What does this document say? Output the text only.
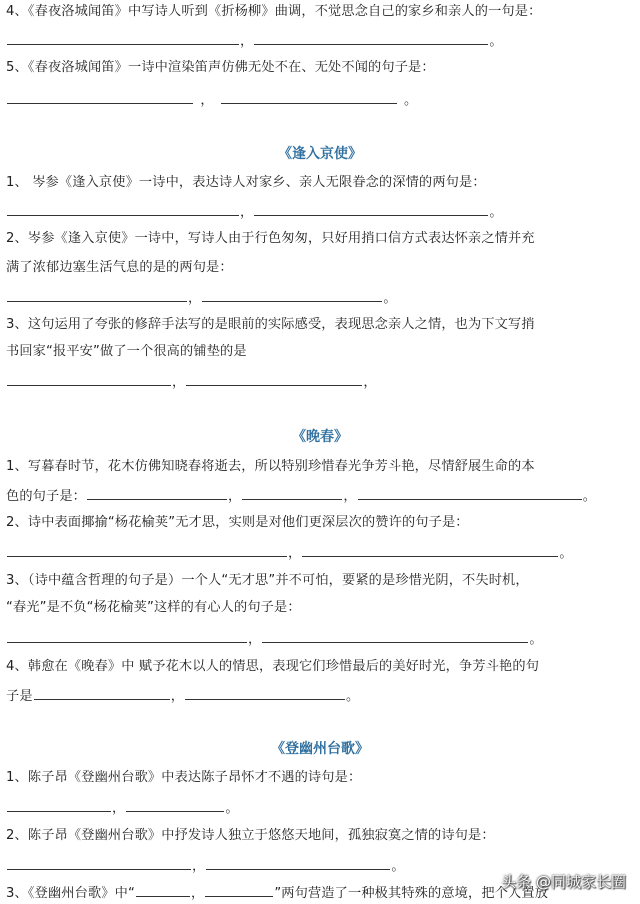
4、《春夜洛城闻笛》中写诗人听到《折杨柳》曲调，不觉思念自己的家乡和亲人的一句是：
，	。
5、《春夜洛城闻笛》一诗中渲染笛声仿佛无处不在、无处不闻的句子是：
，	。
《逢入京使》
1、 岑参《逢入京使》一诗中，表达诗人对家乡、亲人无限眷念的深情的两句是：
，	。
2、岑参《逢入京使》一诗中，写诗人由于行色匆匆，只好用捎口信方式表达怀亲之情并充
满了浓郁边塞生活气息的是的两句是：
，	。
3、这句运用了夸张的修辞手法写的是眼前的实际感受，表现思念亲人之情，也为下文写捎
书回家“报平安”做了一个很高的铺垫的是
，	，
《晚春》
1、写暮春时节，花木仿佛知晓春将逝去，所以特别珍惜春光争芳斗艳，尽情舒展生命的本
色的句子是：	，	，	。
2、诗中表面揶揄“杨花榆荚”无才思，实则是对他们更深层次的赞许的句子是：
，	。
3、（诗中蕴含哲理的句子是）一个人“无才思”并不可怕，要紧的是珍惜光阴，不失时机，
“春光”是不负“杨花榆荚”这样的有心人的句子是：
，	。
4、韩愈在《晚春》中 赋予花木以人的情思，表现它们珍惜最后的美好时光，争芳斗艳的句
子是	，	。
《登幽州台歌》
1、陈子昂《登幽州台歌》中表达陈子昂怀才不遇的诗句是：
，	。
2、陈子昂《登幽州台歌》中抒发诗人独立于悠悠天地间，孤独寂寞之情的诗句是：
，	。
3、《登幽州台歌》中“	，	”两句营造了一种极其特殊的意境，把个人置放
头条 @同城家长圈
